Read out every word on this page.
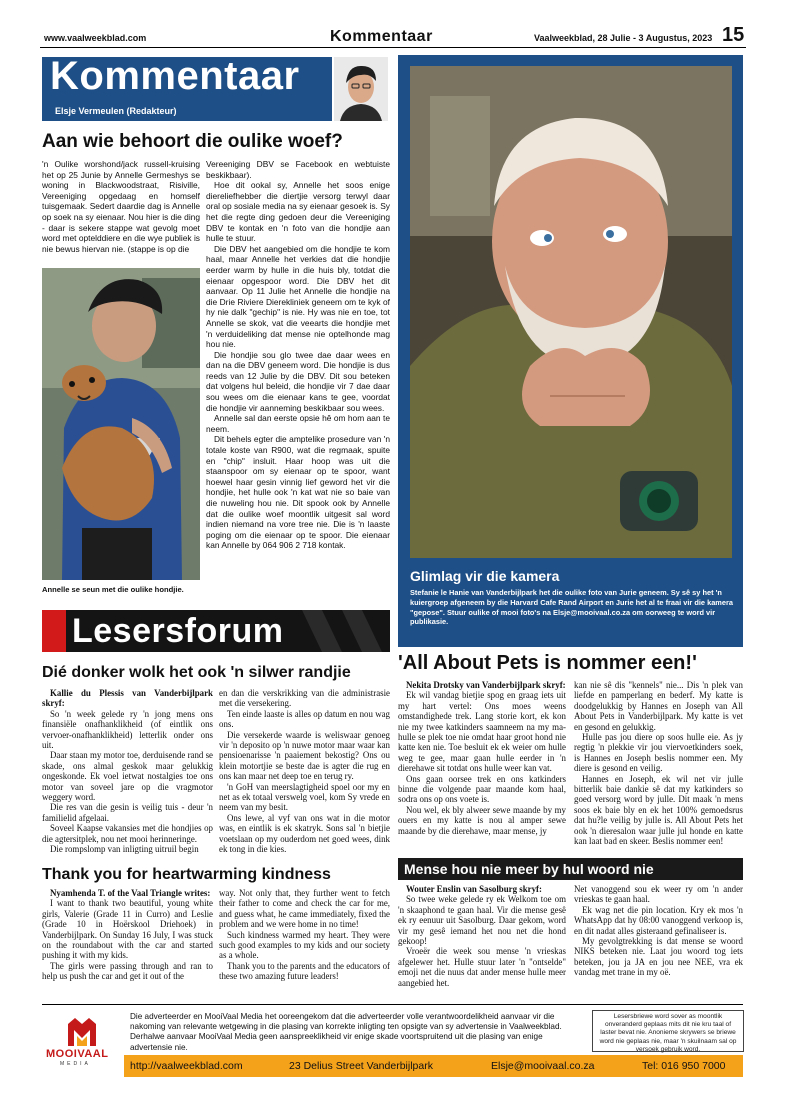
www.vaalweekblad.com	Kommentaar	Vaalweekblad, 28 Julie - 3 Augustus, 2023 15
Kommentaar
Elsje Vermeulen (Redakteur)
Aan wie behoort die oulike woef?
'n Oulike worshond/jack russell-kruising het op 25 Junie by Annelle Germeshys se woning in Blackwoodstraat, Risiville, Vereeniging opgedaag en homself tuisgemaak. Sedert daardie dag is Annelle op soek na sy eienaar. Nou hier is die ding - daar is sekere stappe wat gevolg moet word met optelddiere en die wye publiek is nie bewus hiervan nie. (stappe is op die

Vereeniging DBV se Facebook en webtuiste beskikbaar).

Hoe dit ookal sy, Annelle het soos enige diereliefhebber die diertjie versorg terwyl daar oral op sosiale media na sy eienaar gesoek is. Sy het die regte ding gedoen deur die Vereeniging DBV te kontak en 'n foto van die hondjie aan hulle te stuur.

Die DBV het aangebied om die hondjie te kom haal, maar Annelle het verkies dat die hondjie eerder warm by hulle in die huis bly, totdat die eienaar opgespoor word. Die DBV het dit aanvaar. Op 11 Julie het Annelle die hondjie na die Drie Riviere Dierekliniek geneem om te kyk of hy nie dalk "gechip" is nie. Hy was nie en toe, tot Annelle se skok, vat die veearts die hondjie met 'n verduideliking dat mense nie optelhonde mag hou nie.

Die hondjie sou glo twee dae daar wees en dan na die DBV geneem word. Die hondjie is dus reeds van 12 Julie by die DBV. Dit sou beteken dat volgens hul beleid, die hondjie vir 7 dae daar sou wees om die eienaar kans te gee, voordat die hondjie vir aanneming beskikbaar sou wees.

Annelle sal dan eerste opsie hê om hom aan te neem.

Dit behels egter die amptelike prosedure van 'n totale koste van R900, wat die regmaak, spuite en "chip" insluit. Haar hoop was uit die staanspoor om sy eienaar op te spoor, want hoewel haar gesin vinnig lief geword het vir die hondjie, het hulle ook 'n kat wat nie so baie van die nuweling hou nie. Dit spook ook by Annelle dat die oulike woef moontlik uitgesit sal word indien niemand na vore tree nie. Die is 'n laaste poging om die eienaar op te spoor. Die eienaar kan Annelle by 064 906 2 718 kontak.

Annelle se seun met die oulike hondjie.
Glimlag vir die kamera
Stefanie le Hanie van Vanderbijlpark het die oulike foto van Jurie geneem. Sy sê sy het 'n kuiergroep afgeneem by die Harvard Cafe Rand Airport en Jurie het al te fraai vir die kamera "gepose". Stuur oulike of mooi foto's na Elsje@mooivaal.co.za om oorweeg te word vir publikasie.
Lesersforum
Dié donker wolk het ook 'n silwer randjie

Kallie du Plessis van Vanderbijlpark skryf:

So 'n week gelede ry 'n jong mens ons finansiële onafhanklikheid (of eintlik ons vervoer-onafhanklikheid) letterlik onder ons uit.

Daar staan my motor toe, derduisende rand se skade, ons almal geskok maar gelukkig ongeskonde. Ek voel ietwat nostalgies toe ons motor van soveel jare op die vragmotor weggery word.

Die res van die gesin is veilig tuis - deur 'n familielid afgelaai.

Soveel Kaapse vakansies met die hondjies op die agtersitplek, nou net mooi herinneringe.

Die rompslomp van inligting uitruil begin

en dan die verskrikking van die administrasie met die versekering.

Ten einde laaste is alles op datum en nou wag ons.

Die versekerde waarde is weliswaar genoeg vir 'n deposito op 'n nuwe motor maar waar kan pensioenarisse 'n paaiement bekostig? Ons ou klein motortjie se beste dae is agter die rug en ons kan maar net deep toe en terug ry.

'n GoH van meerslagtigheid spoel oor my en net as ek totaal verswelg voel, kom Sy vrede en neem van my besit.

Ons lewe, al vyf van ons wat in die motor was, en eintlik is ek skatryk. Sons sal 'n bietjie voetslaan op my ouderdom net goed wees, dink ek tong in die kies.

Thank you for heartwarming kindness

Nyamhenda T. of the Vaal Triangle writes:

I want to thank two beautiful, young white girls, Valerie (Grade 11 in Curro) and Leslie (Grade 10 in Hoërskool Driehoek) in Vanderbijlpark. On Sunday 16 July, I was stuck on the roundabout with the car and started pushing it with my kids.

The girls were passing through and ran to help us push the car and get it out of the

way. Not only that, they further went to fetch their father to come and check the car for me, and guess what, he came immediately, fixed the problem and we were home in no time!

Such kindness warmed my heart. They were such good examples to my kids and our society as a whole.

Thank you to the parents and the educators of these two amazing future leaders!

'All About Pets is nommer een!'

Nekita Drotsky van Vanderbijlpark skryf:

Ek wil vandag bietjie spog en graag iets uit my hart vertel: Ons moes weens omstandighede trek. Lang storie kort, ek kon nie my twee katkinders saamneem na my ma-hulle se plek toe nie omdat haar groot hond nie katte ken nie. Toe besluit ek ek weier om hulle weg te gee, maar gaan hulle eerder in 'n dierehawe sit totdat ons hulle weer kan vat.

Ons gaan oorsee trek en ons katkinders binne die volgende paar maande kom haal, sodra ons op ons voete is.

Nou wel, ek bly alweer sewe maande by my ouers en my katte is nou al amper sewe maande by die dierehawe, maar mense, jy

kan nie sê dis "kennels" nie... Dis 'n plek van liefde en pamperlang en bederf. My katte is doodgelukkig by Hannes en Joseph van All About Pets in Vanderbijlpark. My katte is vet en gesond en gelukkig.

Hulle pas jou diere op soos hulle eie. As jy regtig 'n plekkie vir jou viervoetkinders soek, is Hannes en Joseph beslis nommer een. My diere is gesond en veilig.

Hannes en Joseph, ek wil net vir julle bitterlik baie dankie sê dat my katkinders so goed versorg word by julle. Dit maak 'n mens soos ek baie bly en ek het 100% gemoedsrus dat hu?le veilig by julle is. All About Pets het ook 'n dieresalon waar julle jul honde en katte kan laat bad en skeer. Beslis nommer een!

Mense hou nie meer by hul woord nie

Wouter Enslin van Sasolburg skryf:

So twee weke gelede ry ek Welkom toe om 'n skaaphond te gaan haal. Vir die mense gesê ek ry eenuur uit Sasolburg. Daar gekom, word vir my gesê iemand het nou net die hond gekoop!

Vroeër die week sou mense 'n vrieskas afgelewer het. Hulle stuur later 'n "ontselde" emoji net die nuus dat ander mense hulle meer aangebied het.

Net vanoggend sou ek weer ry om 'n ander vrieskas te gaan haal.

Ek wag net die pin location. Kry ek mos 'n WhatsApp dat hy 08:00 vanoggend verkoop is, en dit nadat alles gisteraand gefinaliseer is.

My gevolgtrekking is dat mense se woord NIKS beteken nie. Laat jou woord tog iets beteken, jou ja JA en jou nee NEE, vra ek vandag met trane in my oë.

MOOIVAAL
MEDIA
Die adverteerder en MooiVaal Media het ooreengekom dat die adverteerder volle verantwoordelikheid aanvaar vir die nakoming van relevante wetgewing in die plasing van korrekte inligting ten opsigte van sy advertensie in Vaalweekblad. Derhalwe aanvaar MooiVaal Media geen aanspreeklikheid vir enige skade voortspruitend uit die plasing van enige advertensie nie.
Lesersbriewe word sover as moontlik onveranderd geplaas mits dit nie kru taal of laster bevat nie. Anonieme skrywers se briewe word nie geplaas nie, maar 'n skuilnaam sal op versoek gebruik word.
http://vaalweekblad.com	23 Delius Street Vanderbijlpark	Elsje@mooivaal.co.za	Tel: 016 950 7000
